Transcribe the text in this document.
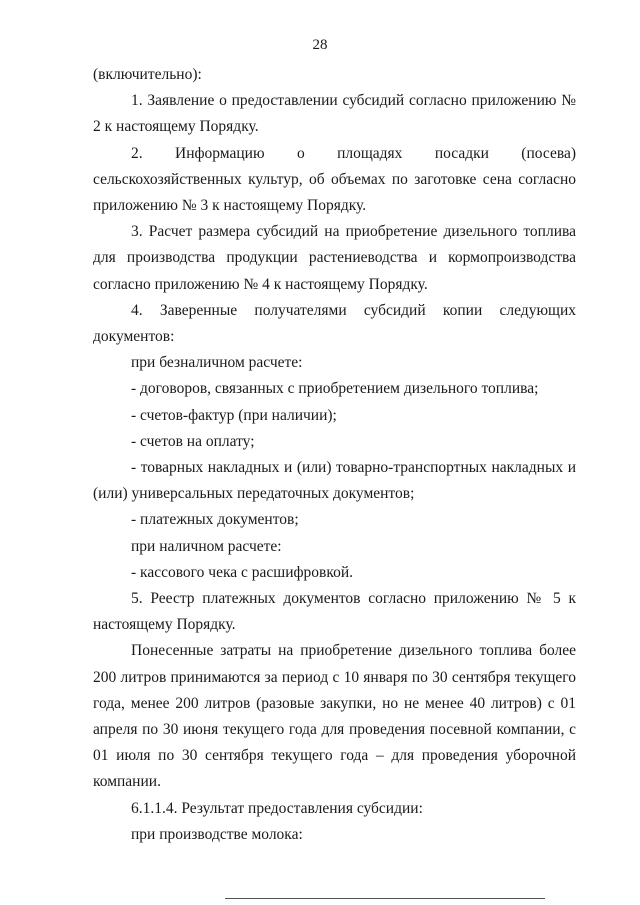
28

(включительно):

1. Заявление о предоставлении субсидий согласно приложению № 2 к настоящему Порядку.

2. Информацию о площадях посадки (посева) сельскохозяйственных культур, об объемах по заготовке сена согласно приложению № 3 к настоящему Порядку.

3. Расчет размера субсидий на приобретение дизельного топлива для производства продукции растениеводства и кормопроизводства согласно приложению № 4 к настоящему Порядку.

4. Заверенные получателями субсидий копии следующих документов:

при безналичном расчете:

- договоров, связанных с приобретением дизельного топлива;

- счетов-фактур (при наличии);

- счетов на оплату;

- товарных накладных и (или) товарно-транспортных накладных и (или) универсальных передаточных документов;

- платежных документов;

при наличном расчете:

- кассового чека с расшифровкой.

5. Реестр платежных документов согласно приложению № 5 к настоящему Порядку.

Понесенные затраты на приобретение дизельного топлива более 200 литров принимаются за период с 10 января по 30 сентября текущего года, менее 200 литров (разовые закупки, но не менее 40 литров) с 01 апреля по 30 июня текущего года для проведения посевной компании, с 01 июля по 30 сентября текущего года – для проведения уборочной компании.

6.1.1.4. Результат предоставления субсидии:

при производстве молока:
